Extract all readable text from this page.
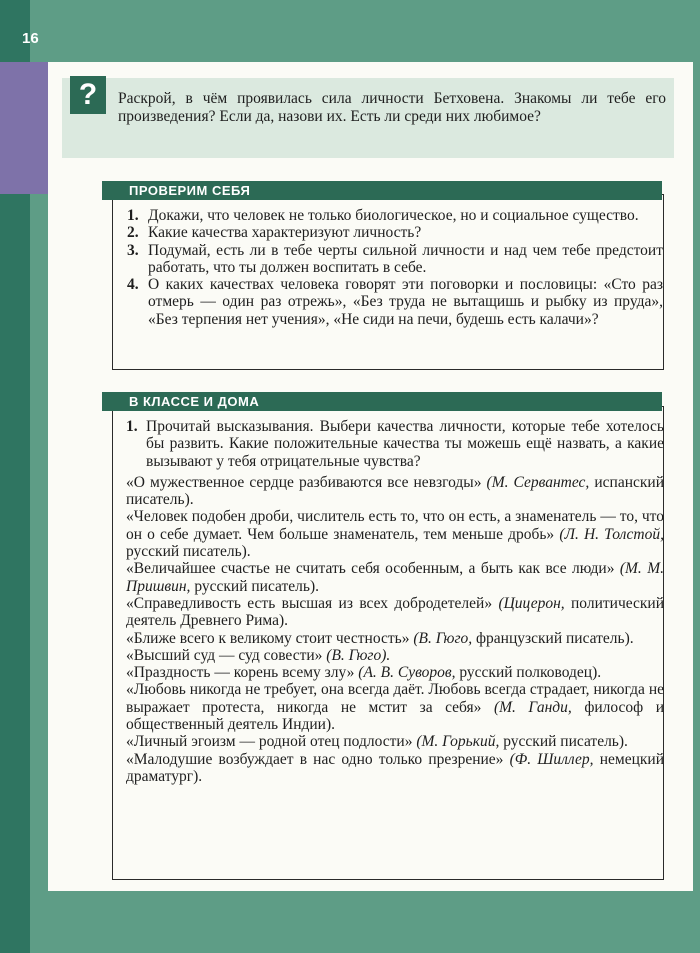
16
?	Раскрой, в чём проявилась сила личности Бетховена. Знакомы ли тебе его произведения? Если да, назови их. Есть ли среди них любимое?
ПРОВЕРИМ СЕБЯ
1. Докажи, что человек не только биологическое, но и социальное существо.
2. Какие качества характеризуют личность?
3. Подумай, есть ли в тебе черты сильной личности и над чем тебе предстоит работать, что ты должен воспитать в себе.
4. О каких качествах человека говорят эти поговорки и пословицы: «Сто раз отмерь — один раз отрежь», «Без труда не вытащишь и рыбку из пруда», «Без терпения нет учения», «Не сиди на печи, будешь есть калачи»?
В КЛАССЕ И ДОМА
1. Прочитай высказывания. Выбери качества личности, которые тебе хотелось бы развить. Какие положительные качества ты можешь ещё назвать, а какие вызывают у тебя отрицательные чувства?
«О мужественное сердце разбиваются все невзгоды» (М. Сервантес, испанский писатель).
«Человек подобен дроби, числитель есть то, что он есть, а знаменатель — то, что он о себе думает. Чем больше знаменатель, тем меньше дробь» (Л. Н. Толстой, русский писатель).
«Величайшее счастье не считать себя особенным, а быть как все люди» (М. М. Пришвин, русский писатель).
«Справедливость есть высшая из всех добродетелей» (Цицерон, политический деятель Древнего Рима).
«Ближе всего к великому стоит честность» (В. Гюго, французский писатель).
«Высший суд — суд совести» (В. Гюго).
«Праздность — корень всему злу» (А. В. Суворов, русский полководец).
«Любовь никогда не требует, она всегда даёт. Любовь всегда страдает, никогда не выражает протеста, никогда не мстит за себя» (М. Ганди, философ и общественный деятель Индии).
«Личный эгоизм — родной отец подлости» (М. Горький, русский писатель).
«Малодушие возбуждает в нас одно только презрение» (Ф. Шиллер, немецкий драматург).
